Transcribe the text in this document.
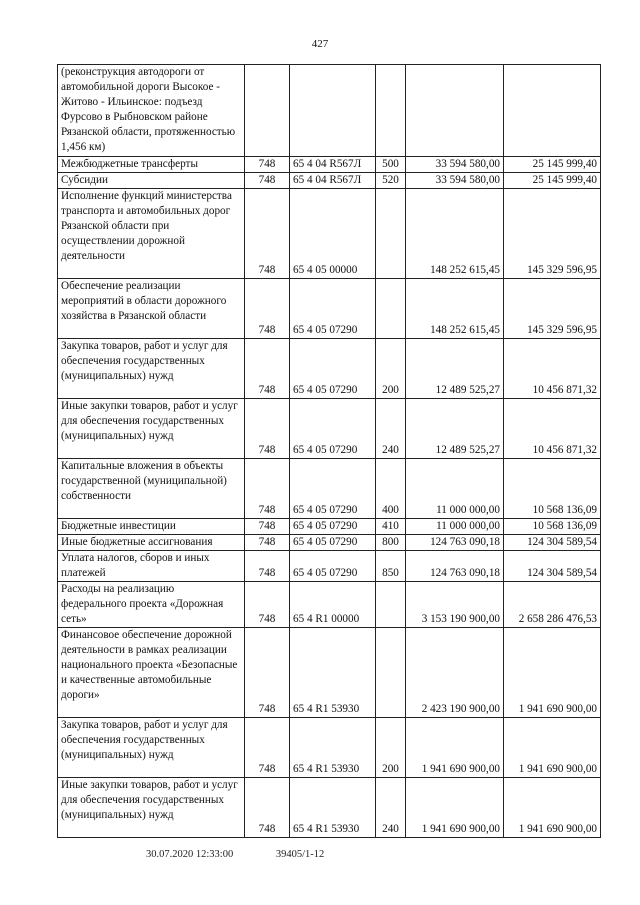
427
(реконструкция автодороги от автомобильной дороги Высокое - Житово - Ильинское: подъезд Фурсово в Рыбновском районе Рязанской области, протяженностью 1,456 км)					
Межбюджетные трансферты	748	65 4 04 R567Л	500	33 594 580,00	25 145 999,40
Субсидии	748	65 4 04 R567Л	520	33 594 580,00	25 145 999,40
Исполнение функций министерства транспорта и автомобильных дорог Рязанской области при осуществлении дорожной деятельности	748	65 4 05 00000		148 252 615,45	145 329 596,95
Обеспечение реализации мероприятий в области дорожного хозяйства в Рязанской области	748	65 4 05 07290		148 252 615,45	145 329 596,95
Закупка товаров, работ и услуг для обеспечения государственных (муниципальных) нужд	748	65 4 05 07290	200	12 489 525,27	10 456 871,32
Иные закупки товаров, работ и услуг для обеспечения государственных (муниципальных) нужд	748	65 4 05 07290	240	12 489 525,27	10 456 871,32
Капитальные вложения в объекты государственной (муниципальной) собственности	748	65 4 05 07290	400	11 000 000,00	10 568 136,09
Бюджетные инвестиции	748	65 4 05 07290	410	11 000 000,00	10 568 136,09
Иные бюджетные ассигнования	748	65 4 05 07290	800	124 763 090,18	124 304 589,54
Уплата налогов, сборов и иных платежей	748	65 4 05 07290	850	124 763 090,18	124 304 589,54
Расходы на реализацию федерального проекта «Дорожная сеть»	748	65 4 R1 00000		3 153 190 900,00	2 658 286 476,53
Финансовое обеспечение дорожной деятельности в рамках реализации национального проекта «Безопасные и качественные автомобильные дороги»	748	65 4 R1 53930		2 423 190 900,00	1 941 690 900,00
Закупка товаров, работ и услуг для обеспечения государственных (муниципальных) нужд	748	65 4 R1 53930	200	1 941 690 900,00	1 941 690 900,00
Иные закупки товаров, работ и услуг для обеспечения государственных (муниципальных) нужд	748	65 4 R1 53930	240	1 941 690 900,00	1 941 690 900,00
30.07.2020 12:33:00	39405/1-12
